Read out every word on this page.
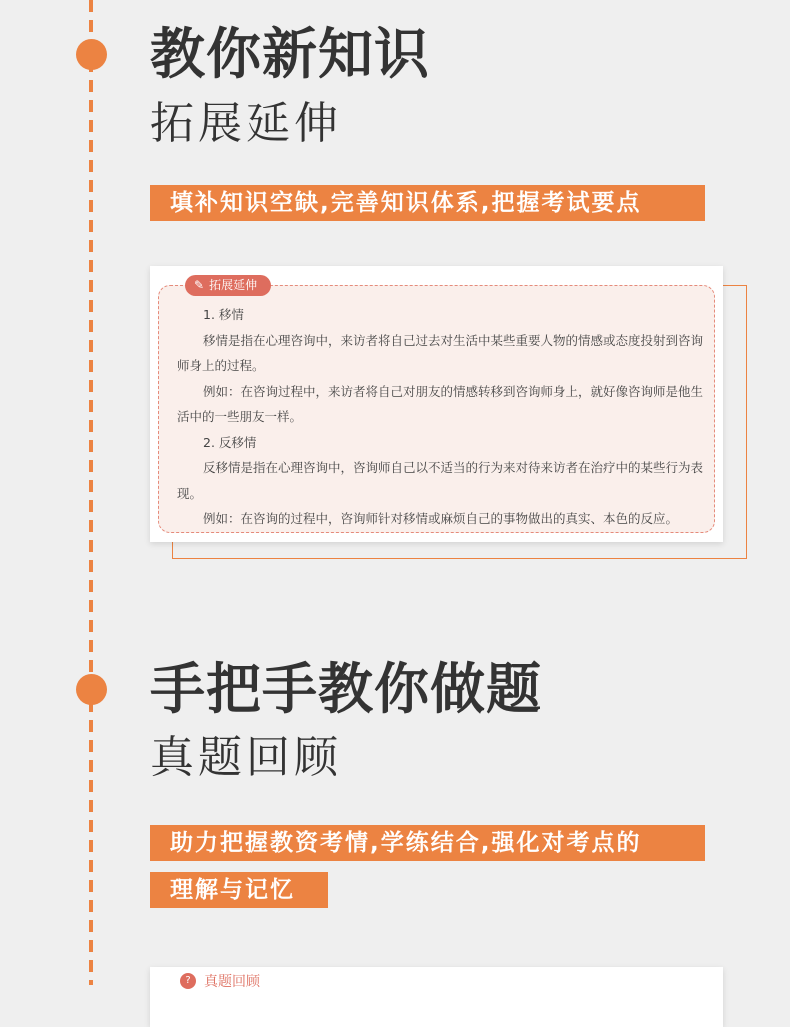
教你新知识
拓展延伸
填补知识空缺,完善知识体系,把握考试要点
✎ 拓展延伸

1. 移情

移情是指在心理咨询中，来访者将自己过去对生活中某些重要人物的情感或态度投射到咨询师身上的过程。

例如：在咨询过程中，来访者将自己对朋友的情感转移到咨询师身上，就好像咨询师是他生活中的一些朋友一样。

2. 反移情

反移情是指在心理咨询中，咨询师自己以不适当的行为来对待来访者在治疗中的某些行为表现。

例如：在咨询的过程中，咨询师针对移情或麻烦自己的事物做出的真实、本色的反应。

手把手教你做题
真题回顾
助力把握教资考情,学练结合,强化对考点的
理解与记忆
? 真题回顾
